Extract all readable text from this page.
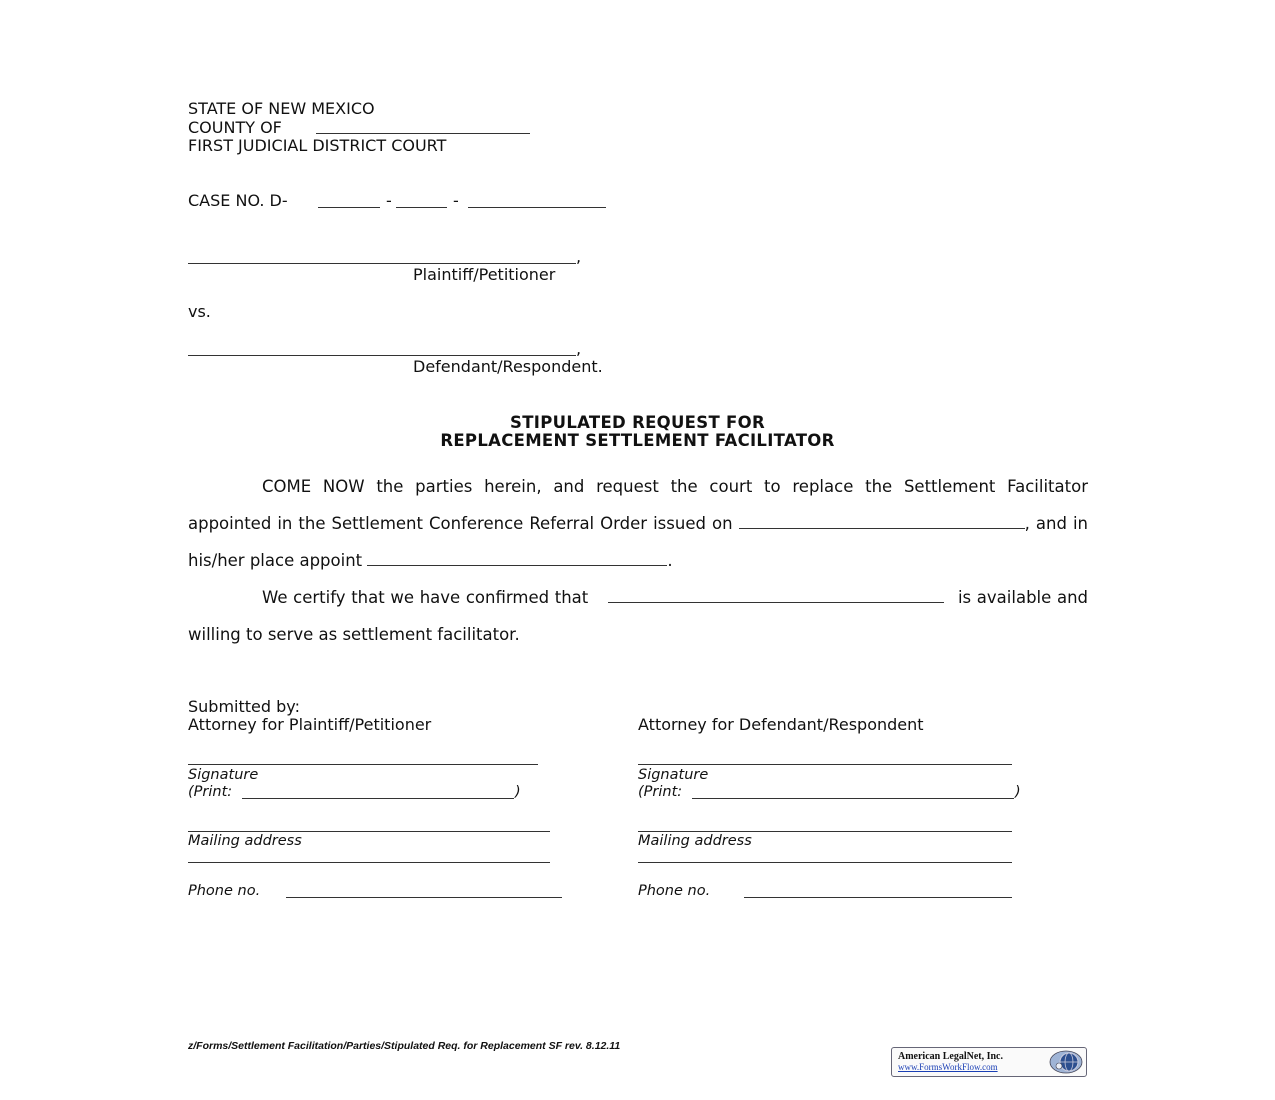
STATE OF NEW MEXICO
COUNTY OF
FIRST JUDICIAL DISTRICT COURT
CASE NO. D-	-	-
,
Plaintiff/Petitioner
vs.
,
Defendant/Respondent.
STIPULATED REQUEST FOR
REPLACEMENT SETTLEMENT FACILITATOR
COME NOW the parties herein, and request the court to replace the Settlement Facilitator appointed in the Settlement Conference Referral Order issued on	, and in his/her place appoint	.
We certify that we have confirmed that	is available and willing to serve as settlement facilitator.
Submitted by:
Attorney for Plaintiff/Petitioner	Attorney for Defendant/Respondent
Signature
(Print:	)
Mailing address
Phone no.
Signature
(Print:	)
Mailing address
Phone no.
z/Forms/Settlement Facilitation/Parties/Stipulated Req. for Replacement SF rev. 8.12.11
American LegalNet, Inc.
www.FormsWorkFlow.com
